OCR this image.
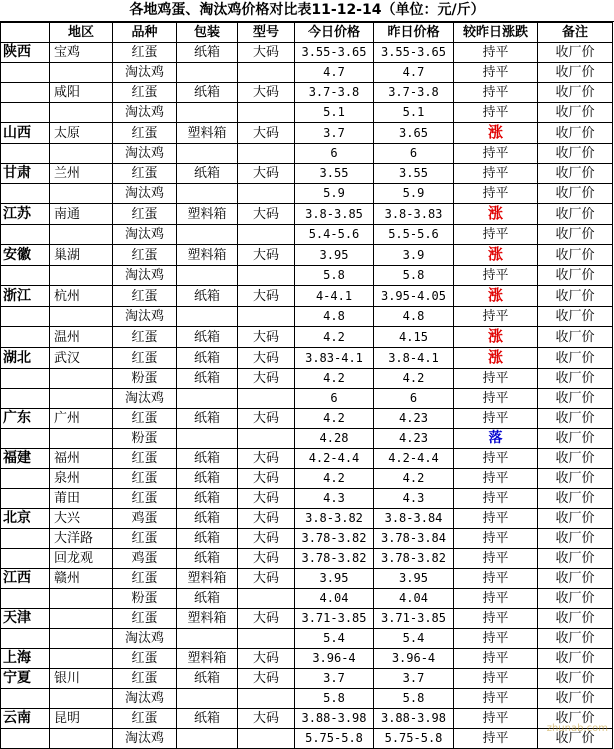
各地鸡蛋、淘汰鸡价格对比表11-12-14（单位：元/斤）
	地区	品种	包装	型号	今日价格	昨日价格	较昨日涨跌	备注
陕西	宝鸡	红蛋	纸箱	大码	3.55-3.65	3.55-3.65	持平	收厂价
		淘汰鸡			4.7	4.7	持平	收厂价
	咸阳	红蛋	纸箱	大码	3.7-3.8	3.7-3.8	持平	收厂价
		淘汰鸡			5.1	5.1	持平	收厂价
山西	太原	红蛋	塑料箱	大码	3.7	3.65	涨	收厂价
		淘汰鸡			6	6	持平	收厂价
甘肃	兰州	红蛋	纸箱	大码	3.55	3.55	持平	收厂价
		淘汰鸡			5.9	5.9	持平	收厂价
江苏	南通	红蛋	塑料箱	大码	3.8-3.85	3.8-3.83	涨	收厂价
		淘汰鸡			5.4-5.6	5.5-5.6	持平	收厂价
安徽	巢湖	红蛋	塑料箱	大码	3.95	3.9	涨	收厂价
		淘汰鸡			5.8	5.8	持平	收厂价
浙江	杭州	红蛋	纸箱	大码	4-4.1	3.95-4.05	涨	收厂价
		淘汰鸡			4.8	4.8	持平	收厂价
	温州	红蛋	纸箱	大码	4.2	4.15	涨	收厂价
湖北	武汉	红蛋	纸箱	大码	3.83-4.1	3.8-4.1	涨	收厂价
		粉蛋	纸箱	大码	4.2	4.2	持平	收厂价
		淘汰鸡			6	6	持平	收厂价
广东	广州	红蛋	纸箱	大码	4.2	4.23	持平	收厂价
		粉蛋			4.28	4.23	落	收厂价
福建	福州	红蛋	纸箱	大码	4.2-4.4	4.2-4.4	持平	收厂价
	泉州	红蛋	纸箱	大码	4.2	4.2	持平	收厂价
	莆田	红蛋	纸箱	大码	4.3	4.3	持平	收厂价
北京	大兴	鸡蛋	纸箱	大码	3.8-3.82	3.8-3.84	持平	收厂价
	大洋路	红蛋	纸箱	大码	3.78-3.82	3.78-3.84	持平	收厂价
	回龙观	鸡蛋	纸箱	大码	3.78-3.82	3.78-3.82	持平	收厂价
江西	赣州	红蛋	塑料箱	大码	3.95	3.95	持平	收厂价
		粉蛋	纸箱		4.04	4.04	持平	收厂价
天津		红蛋	塑料箱	大码	3.71-3.85	3.71-3.85	持平	收厂价
		淘汰鸡			5.4	5.4	持平	收厂价
上海		红蛋	塑料箱	大码	3.96-4	3.96-4	持平	收厂价
宁夏	银川	红蛋	纸箱	大码	3.7	3.7	持平	收厂价
		淘汰鸡			5.8	5.8	持平	收厂价
云南	昆明	红蛋	纸箱	大码	3.88-3.98	3.88-3.98	持平	收厂价
		淘汰鸡			5.75-5.8	5.75-5.8	持平	收厂价
zhunab.com
